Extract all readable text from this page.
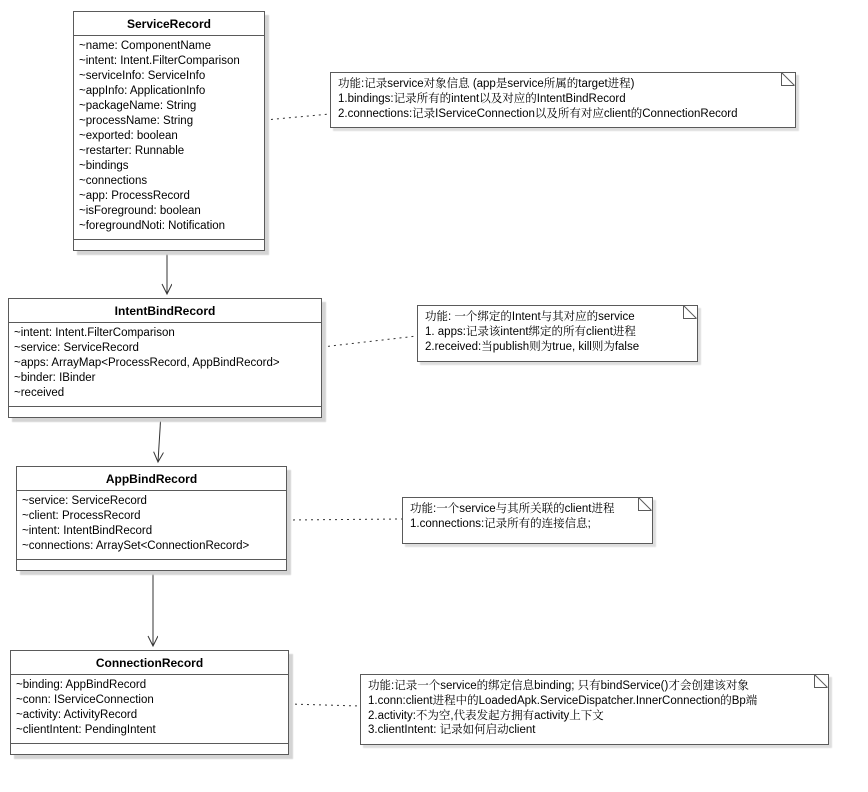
ServiceRecord
~name: ComponentName
~intent: Intent.FilterComparison
~serviceInfo: ServiceInfo
~appInfo: ApplicationInfo
~packageName: String
~processName: String
~exported: boolean
~restarter: Runnable
~bindings
~connections
~app: ProcessRecord
~isForeground: boolean
~foregroundNoti: Notification
IntentBindRecord
~intent: Intent.FilterComparison
~service: ServiceRecord
~apps: ArrayMap<ProcessRecord, AppBindRecord>
~binder: IBinder
~received
AppBindRecord
~service: ServiceRecord
~client: ProcessRecord
~intent: IntentBindRecord
~connections: ArraySet<ConnectionRecord>
ConnectionRecord
~binding: AppBindRecord
~conn: IServiceConnection
~activity: ActivityRecord
~clientIntent: PendingIntent
功能:记录service对象信息 (app是service所属的target进程)
1.bindings:记录所有的intent以及对应的IntentBindRecord
2.connections:记录IServiceConnection以及所有对应client的ConnectionRecord
功能: 一个绑定的Intent与其对应的service
1. apps:记录该intent绑定的所有client进程
2.received:当publish则为true, kill则为false
功能:一个service与其所关联的client进程
1.connections:记录所有的连接信息;
功能:记录一个service的绑定信息binding; 只有bindService()才会创建该对象
1.conn:client进程中的LoadedApk.ServiceDispatcher.InnerConnection的Bp端
2.activity:不为空,代表发起方拥有activity上下文
3.clientIntent: 记录如何启动client
